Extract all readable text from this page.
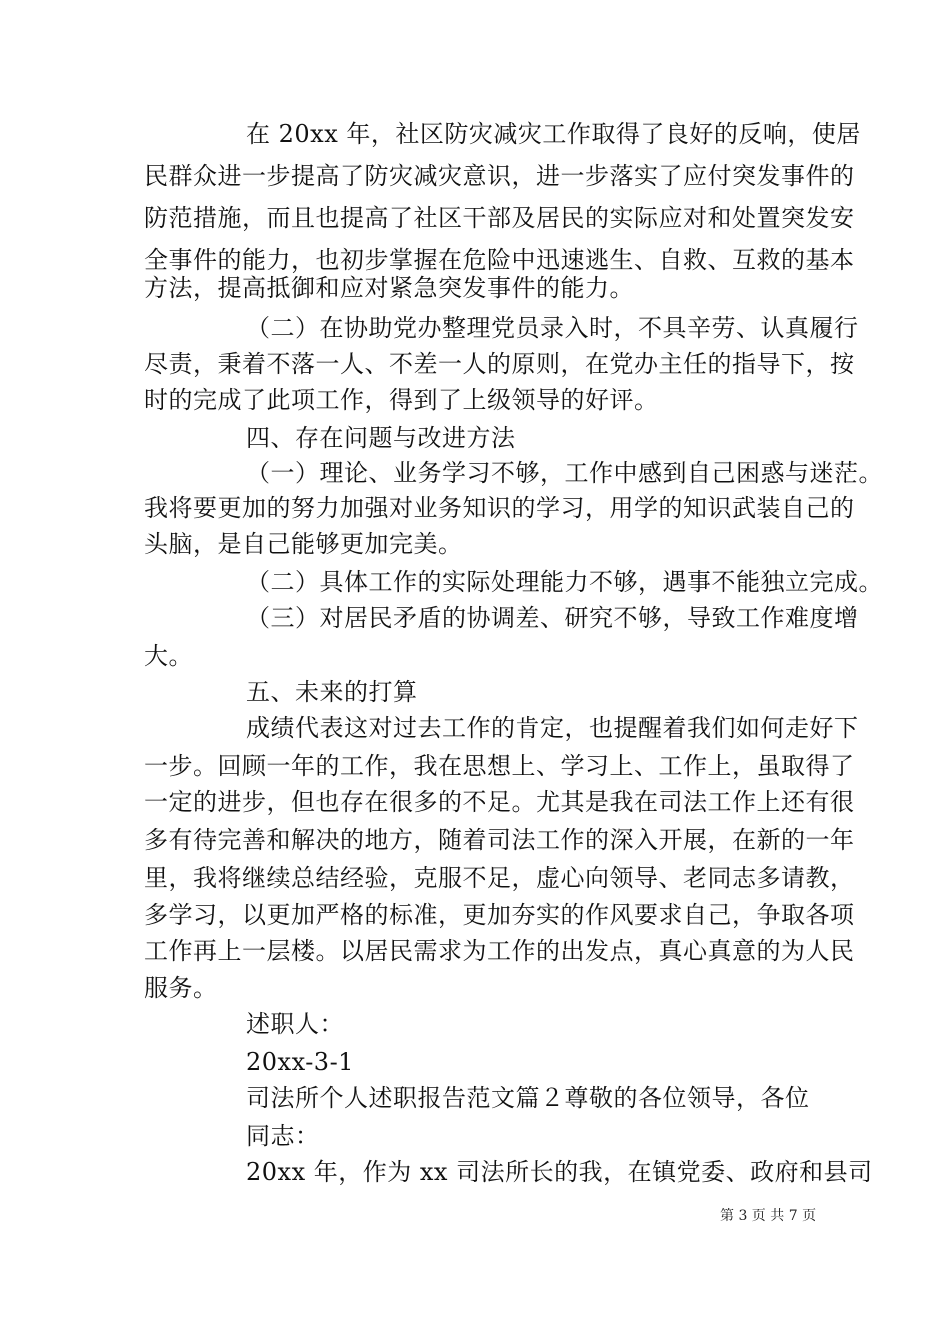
在 20xx 年，社区防灾减灾工作取得了良好的反响，使居
民群众进一步提高了防灾减灾意识，进一步落实了应付突发事件的
防范措施，而且也提高了社区干部及居民的实际应对和处置突发安
全事件的能力，也初步掌握在危险中迅速逃生、自救、互救的基本
方法，提高抵御和应对紧急突发事件的能力。
（二）在协助党办整理党员录入时，不具辛劳、认真履行
尽责，秉着不落一人、不差一人的原则，在党办主任的指导下，按
时的完成了此项工作，得到了上级领导的好评。
四、存在问题与改进方法
（一）理论、业务学习不够，工作中感到自己困惑与迷茫。
我将要更加的努力加强对业务知识的学习，用学的知识武装自己的
头脑，是自己能够更加完美。
（二）具体工作的实际处理能力不够，遇事不能独立完成。
（三）对居民矛盾的协调差、研究不够，导致工作难度增
大。
五、未来的打算
成绩代表这对过去工作的肯定，也提醒着我们如何走好下
一步。回顾一年的工作，我在思想上、学习上、工作上，虽取得了
一定的进步，但也存在很多的不足。尤其是我在司法工作上还有很
多有待完善和解决的地方，随着司法工作的深入开展，在新的一年
里，我将继续总结经验，克服不足，虚心向领导、老同志多请教，
多学习，以更加严格的标准，更加夯实的作风要求自己，争取各项
工作再上一层楼。以居民需求为工作的出发点，真心真意的为人民
服务。
述职人：
20xx-3-1
司法所个人述职报告范文篇２尊敬的各位领导，各位
同志：
20xx 年，作为 xx 司法所长的我，在镇党委、政府和县司
第 3 页 共 7 页
